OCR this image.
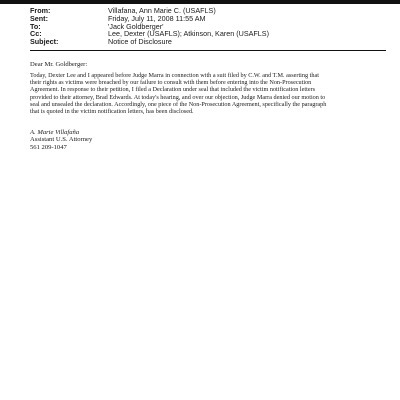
From:	Villafana, Ann Marie C. (USAFLS)
Sent:	Friday, July 11, 2008 11:55 AM
To:	'Jack Goldberger'
Cc:	Lee, Dexter (USAFLS); Atkinson, Karen (USAFLS)
Subject:	Notice of Disclosure
Dear Mr. Goldberger:
Today, Dexter Lee and I appeared before Judge Marra in connection with a suit filed by C.W. and T.M. asserting that
their rights as victims were breached by our failure to consult with them before entering into the Non-Prosecution
Agreement. In response to their petition, I filed a Declaration under seal that included the victim notification letters
provided to their attorney, Brad Edwards. At today's hearing, and over our objection, Judge Marra denied our motion to
seal and unsealed the declaration. Accordingly, one piece of the Non-Prosecution Agreement, specifically the paragraph
that is quoted in the victim notification letters, has been disclosed.
A. Marie Villafaña
Assistant U.S. Attorney
561 209-1047
